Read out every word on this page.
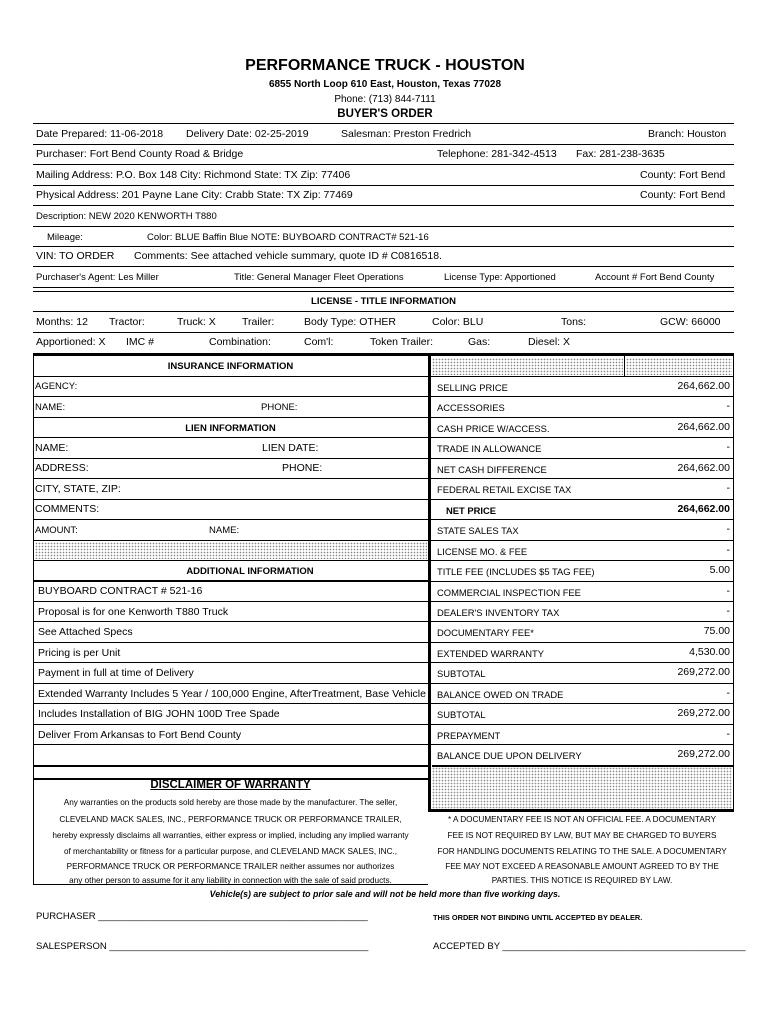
PERFORMANCE TRUCK - HOUSTON
6855 North Loop 610 East, Houston, Texas 77028
Phone: (713) 844-7111
BUYER'S ORDER
Date Prepared: 11-06-2018 Delivery Date: 02-25-2019	Salesman: Preston Fredrich	Branch: Houston
Purchaser: Fort Bend County Road & Bridge	Telephone: 281-342-4513 Fax: 281-238-3635
Mailing Address: P.O. Box 148 City: Richmond State: TX Zip: 77406	County: Fort Bend
Physical Address: 201 Payne Lane City: Crabb State: TX Zip: 77469	County: Fort Bend
Description: NEW 2020 KENWORTH T880
Mileage:	Color: BLUE Baffin Blue NOTE: BUYBOARD CONTRACT# 521-16
VIN: TO ORDER Comments: See attached vehicle summary, quote ID # C0816518.
Purchaser's Agent: Les Miller	Title: General Manager Fleet Operations	License Type: Apportioned	Account # Fort Bend County
LICENSE - TITLE INFORMATION
Months: 12 Tractor:	Truck: X	Trailer:	Body Type: OTHER	Color: BLU	Tons:	GCW: 66000
Apportioned: X IMC #	Combination:	Com'l:	Token Trailer:	Gas:	Diesel: X
INSURANCE INFORMATION
AGENCY:
NAME:	PHONE:
LIEN INFORMATION
NAME:	LIEN DATE:
ADDRESS:	PHONE:
CITY, STATE, ZIP:
COMMENTS:
AMOUNT:	NAME:
ADDITIONAL INFORMATION
BUYBOARD CONTRACT # 521-16
Proposal is for one Kenworth T880 Truck
See Attached Specs
Pricing is per Unit
Payment in full at time of Delivery
Extended Warranty Includes 5 Year / 100,000 Engine, AfterTreatment, Base Vehicle
Includes Installation of BIG JOHN 100D Tree Spade
Deliver From Arkansas to Fort Bend County
SELLING PRICE	264,662.00
ACCESSORIES	-
CASH PRICE W/ACCESS.	264,662.00
TRADE IN ALLOWANCE	-
NET CASH DIFFERENCE	264,662.00
FEDERAL RETAIL EXCISE TAX	-
NET PRICE	264,662.00
STATE SALES TAX	-
LICENSE MO. & FEE	-
TITLE FEE (INCLUDES $5 TAG FEE)	5.00
COMMERCIAL INSPECTION FEE	-
DEALER'S INVENTORY TAX	-
DOCUMENTARY FEE*	75.00
EXTENDED WARRANTY	4,530.00
SUBTOTAL	269,272.00
BALANCE OWED ON TRADE	-
SUBTOTAL	269,272.00
PREPAYMENT	-
BALANCE DUE UPON DELIVERY	269,272.00
DISCLAIMER OF WARRANTY
Any warranties on the products sold hereby are those made by the manufacturer. The seller,
CLEVELAND MACK SALES, INC., PERFORMANCE TRUCK OR PERFORMANCE TRAILER,
hereby expressly disclaims all warranties, either express or implied, including any implied warranty
of merchantability or fitness for a particular purpose, and CLEVELAND MACK SALES, INC.,
PERFORMANCE TRUCK OR PERFORMANCE TRAILER neither assumes nor authorizes
any other person to assume for it any liability in connection with the sale of said products.
* A DOCUMENTARY FEE IS NOT AN OFFICIAL FEE. A DOCUMENTARY
FEE IS NOT REQUIRED BY LAW, BUT MAY BE CHARGED TO BUYERS
FOR HANDLING DOCUMENTS RELATING TO THE SALE. A DOCUMENTARY
FEE MAY NOT EXCEED A REASONABLE AMOUNT AGREED TO BY THE
PARTIES. THIS NOTICE IS REQUIRED BY LAW.
Vehicle(s) are subject to prior sale and will not be held more than five working days.
PURCHASER ___________________________________________________	THIS ORDER NOT BINDING UNTIL ACCEPTED BY DEALER.
SALESPERSON _________________________________________________	ACCEPTED BY ______________________________________________
